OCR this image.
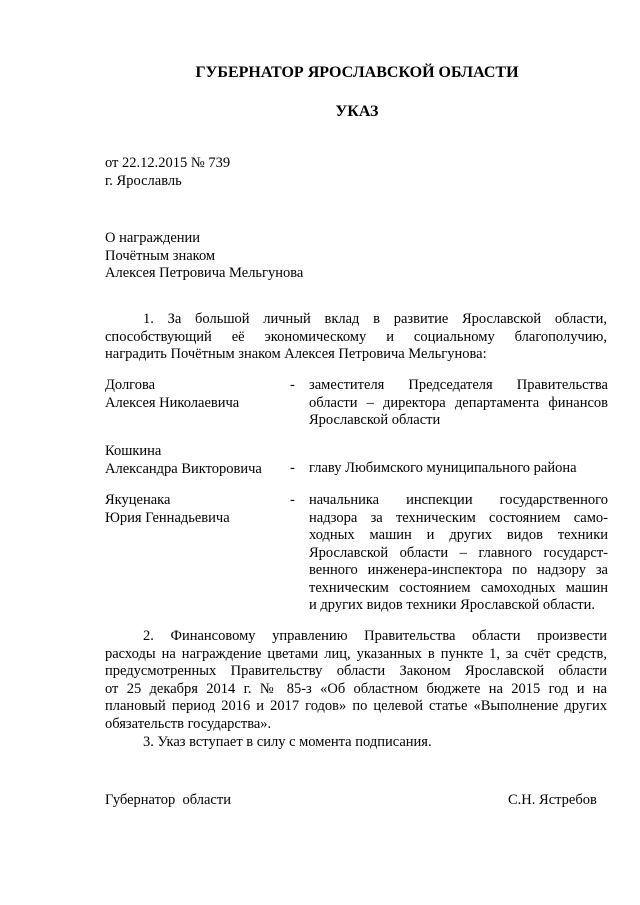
ГУБЕРНАТОР ЯРОСЛАВСКОЙ ОБЛАСТИ
УКАЗ
от 22.12.2015 № 739
г. Ярославль
О награждении
Почётным знаком
Алексея Петровича Мельгунова
1. За большой личный вклад в развитие Ярославской области,
способствующий её экономическому и социальному благополучию,
наградить Почётным знаком Алексея Петровича Мельгунова:
Долгова
Алексея Николаевича
- заместителя Председателя Правительства
области – директора департамента финансов
Ярославской области
Кошкина
Александра Викторовича	- главу Любимского муниципального района
Якуценака
Юрия Геннадьевича
- начальника инспекции государственного
надзора за техническим состоянием само-
ходных машин и других видов техники
Ярославской области – главного государст-
венного инженера-инспектора по надзору за
техническим состоянием самоходных машин
и других видов техники Ярославской области.
2. Финансовому управлению Правительства области произвести
расходы на награждение цветами лиц, указанных в пункте 1, за счёт средств,
предусмотренных Правительству области Законом Ярославской области
от 25 декабря 2014 г. № 85-з «Об областном бюджете на 2015 год и на
плановый период 2016 и 2017 годов» по целевой статье «Выполнение других
обязательств государства».
3. Указ вступает в силу с момента подписания.
Губернатор  области	С.Н. Ястребов
